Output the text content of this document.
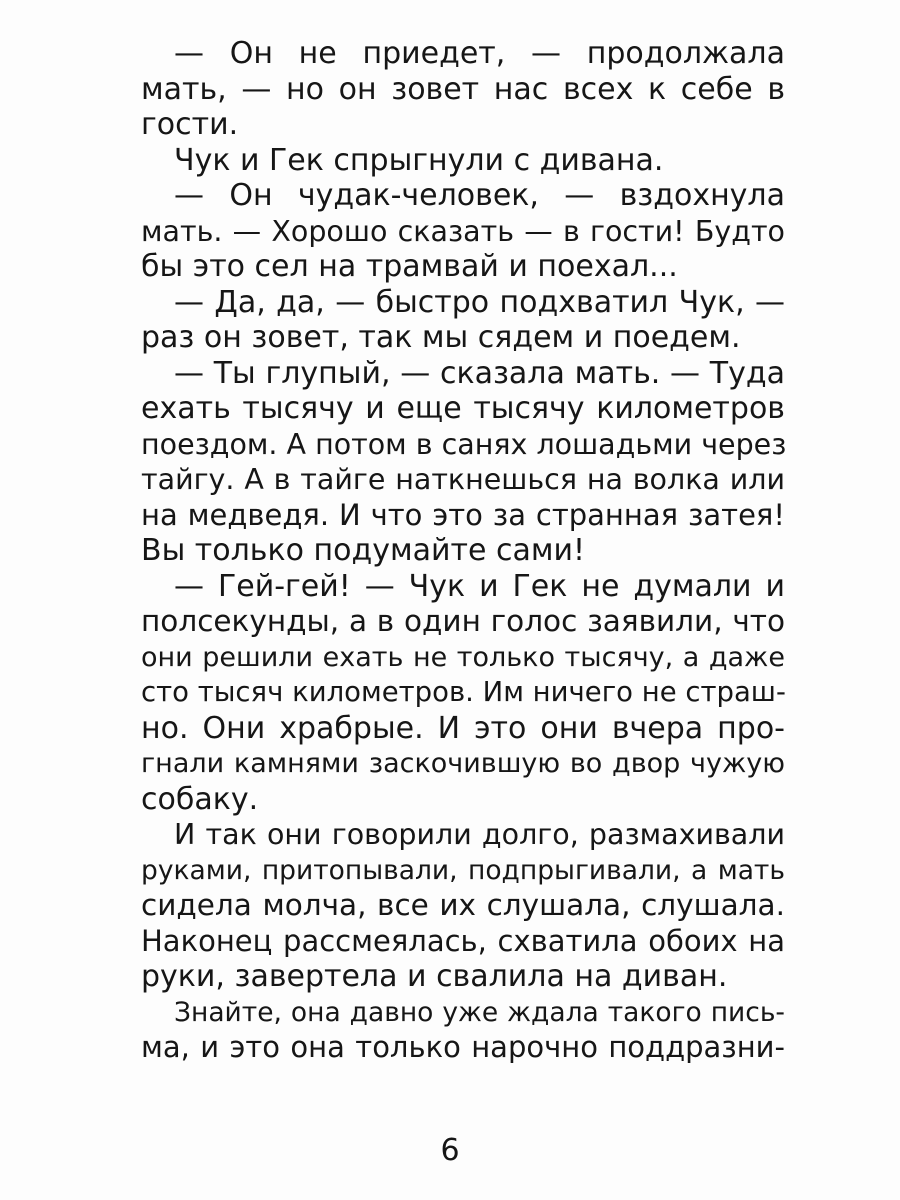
— Он не приедет, — продолжала
мать, — но он зовет нас всех к себе в
гости.
Чук и Гек спрыгнули с дивана.
— Он чудак-человек, — вздохнула
мать. — Хорошо сказать — в гости! Будто
бы это сел на трамвай и поехал...
— Да, да, — быстро подхватил Чук, —
раз он зовет, так мы сядем и поедем.
— Ты глупый, — сказала мать. — Туда
ехать тысячу и еще тысячу километров
поездом. А потом в санях лошадьми через
тайгу. А в тайге наткнешься на волка или
на медведя. И что это за странная затея!
Вы только подумайте сами!
— Гей-гей! — Чук и Гек не думали и
полсекунды, а в один голос заявили, что
они решили ехать не только тысячу, а даже
сто тысяч километров. Им ничего не страш-
но. Они храбрые. И это они вчера про-
гнали камнями заскочившую во двор чужую
собаку.
И так они говорили долго, размахивали
руками, притопывали, подпрыгивали, а мать
сидела молча, все их слушала, слушала.
Наконец рассмеялась, схватила обоих на
руки, завертела и свалила на диван.
Знайте, она давно уже ждала такого пись-
ма, и это она только нарочно поддразни-
6
